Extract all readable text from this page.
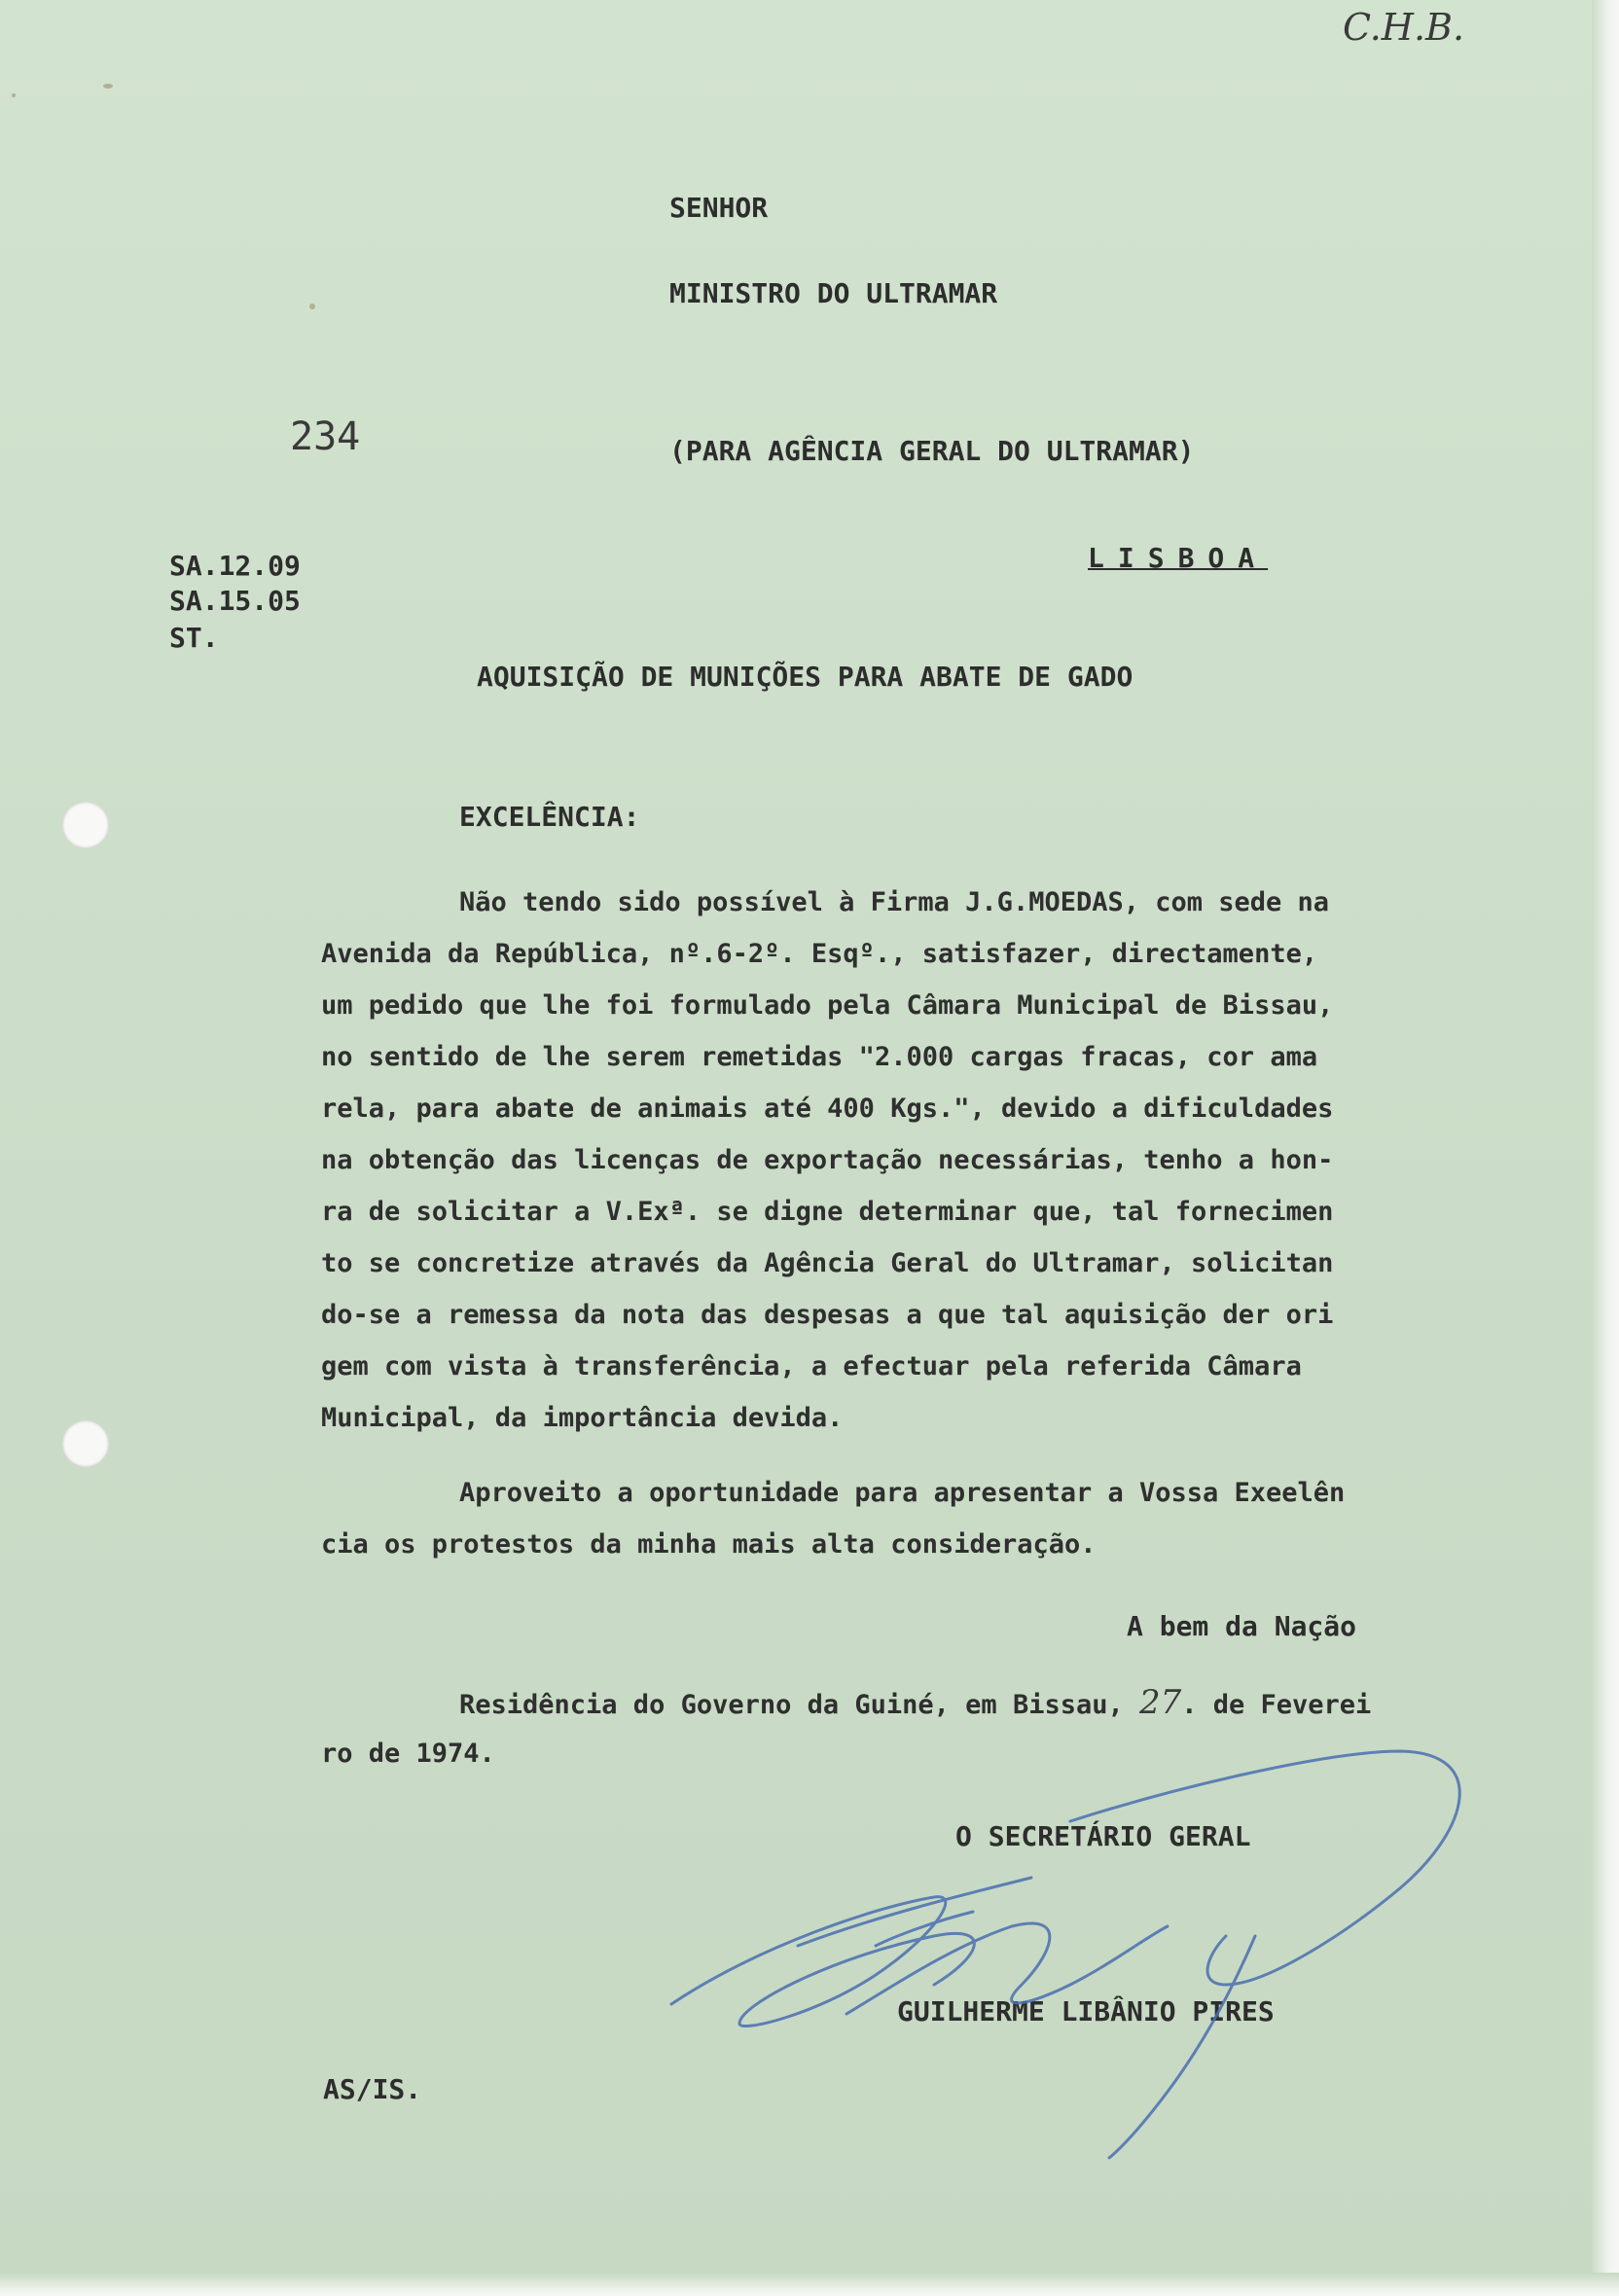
C.H.B.
SENHOR
MINISTRO DO ULTRAMAR
234	(PARA AGÊNCIA GERAL DO ULTRAMAR)
LISBOA
SA.12.09
SA.15.05
ST.
AQUISIÇÃO DE MUNIÇÕES PARA ABATE DE GADO
EXCELÊNCIA:
Não tendo sido possível à Firma J.G.MOEDAS, com sede na
Avenida da República, nº.6-2º. Esqº., satisfazer, directamente,
um pedido que lhe foi formulado pela Câmara Municipal de Bissau,
no sentido de lhe serem remetidas "2.000 cargas fracas, cor ama
rela, para abate de animais até 400 Kgs.", devido a dificuldades
na obtenção das licenças de exportação necessárias, tenho a hon-
ra de solicitar a V.Exª. se digne determinar que, tal fornecimen
to se concretize através da Agência Geral do Ultramar, solicitan
do-se a remessa da nota das despesas a que tal aquisição der ori
gem com vista à transferência, a efectuar pela referida Câmara
Municipal, da importância devida.
Aproveito a oportunidade para apresentar a Vossa Exeelên
cia os protestos da minha mais alta consideração.
A bem da Nação
Residência do Governo da Guiné, em Bissau, 27. de Feverei
ro de 1974.
O SECRETÁRIO GERAL
GUILHERME LIBÂNIO PIRES
AS/IS.
